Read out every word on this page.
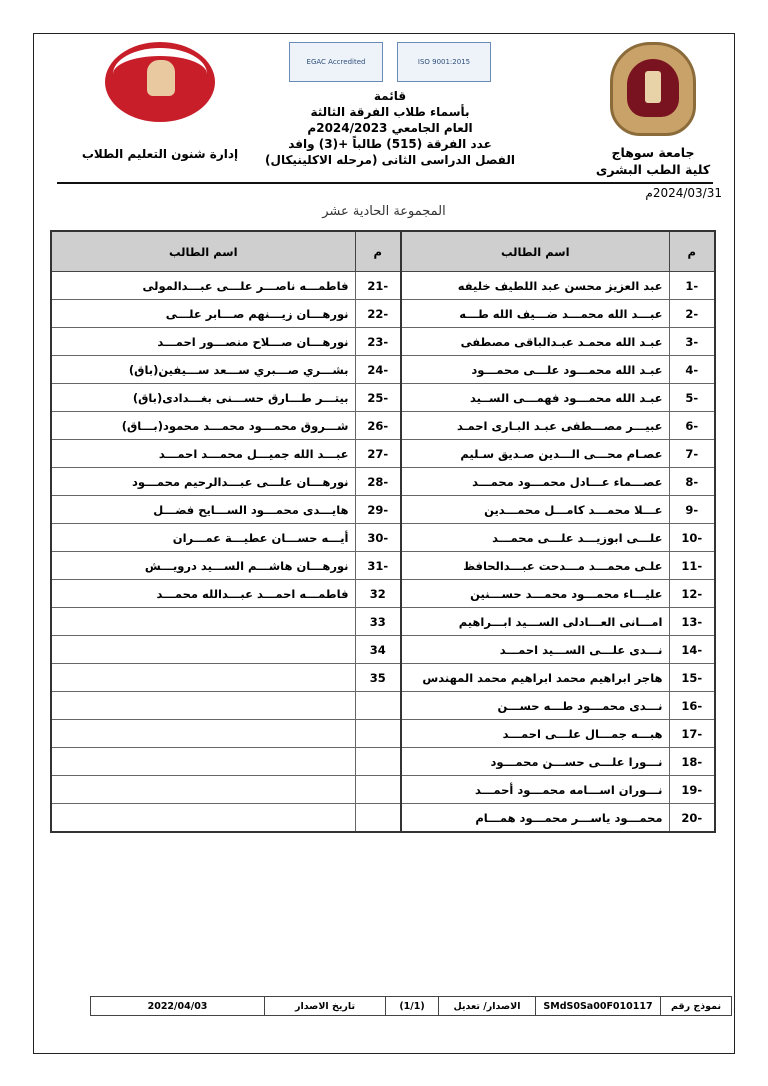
جامعة سوهاج
كلية الطب البشرى
ISO 9001:2015
EGAC Accredited
قائمة
بأسماء طلاب الفرقة الثالثة
العام الجامعي 2024/2023م
عدد الفرقة (515) طالباً +(3) وافد
الفصل الدراسى الثانى (مرحله الاكلينيكال)
إدارة شنون التعليم الطلاب
2024/03/31م
المجموعة الحادية عشر
م	اسم الطالب	م	اسم الطالب
-1	عبد العزيز محسن عبد اللطيف خليفه	-21	فاطمـــه ناصـــر علـــى عبـــدالمولى
-2	عبـــد الله محمـــد ضـــيف الله طـــه	-22	نورهـــان زيـــنهم صـــابر علـــى
-3	عبـد الله محمـد عبـدالباقى مصطفى	-23	نورهـــان صـــلاح منصـــور احمـــد
-4	عبـد الله محمـــود علـــى محمـــود	-24	بشـــري صـــبري ســـعد ســـيفين(باق)
-5	عبـد الله محمـــود فهمـــى الســيد	-25	بيتـــر طـــارق حســـنى بغـــدادى(باق)
-6	عبيـــر مصـــطفى عبـد البـارى احمـد	-26	شـــروق محمـــود محمـــد محمود(بـــاق)
-7	عصـام محـــى الـــدين صـديق سـليم	-27	عبـــد الله جميـــل محمـــد احمـــد
-8	عصـــماء عـــادل محمـــود محمـــد	-28	نورهـــان علـــى عبـــدالرحيم محمـــود
-9	عـــلا محمـــد كامـــل محمـــدين	-29	هايـــدى محمـــود الســـايح فضـــل
-10	علـــى ابوزيـــد علـــى محمـــد	-30	أيـــه حســـان عطيـــة عمـــران
-11	علـى محمـــد مـــدحت عبـــدالحافظ	-31	نورهـــان هاشـــم الســـيد درويـــش
-12	عليـــاء محمـــود محمـــد حســـنين	32	فاطمـــه احمـــد عبـــدالله محمـــد
-13	امـــانى العـــادلى الســـيد ابـــراهيم	33	
-14	نـــدى علـــى الســـيد احمـــد	34	
-15	هاجر ابراهيم محمد ابراهيم محمد المهندس	35	
-16	نـــدى محمـــود طـــه حســـن		
-17	هبـــه جمـــال علـــى احمـــد		
-18	نـــورا علـــى حســـن محمـــود		
-19	نـــوران اســـامه محمـــود أحمـــد		
-20	محمـــود ياســـر محمـــود همـــام		
نموذج رقم
SMdS0Sa00F010117
الاصدار/ تعديل
(1/1)
تاريخ الاصدار
2022/04/03
